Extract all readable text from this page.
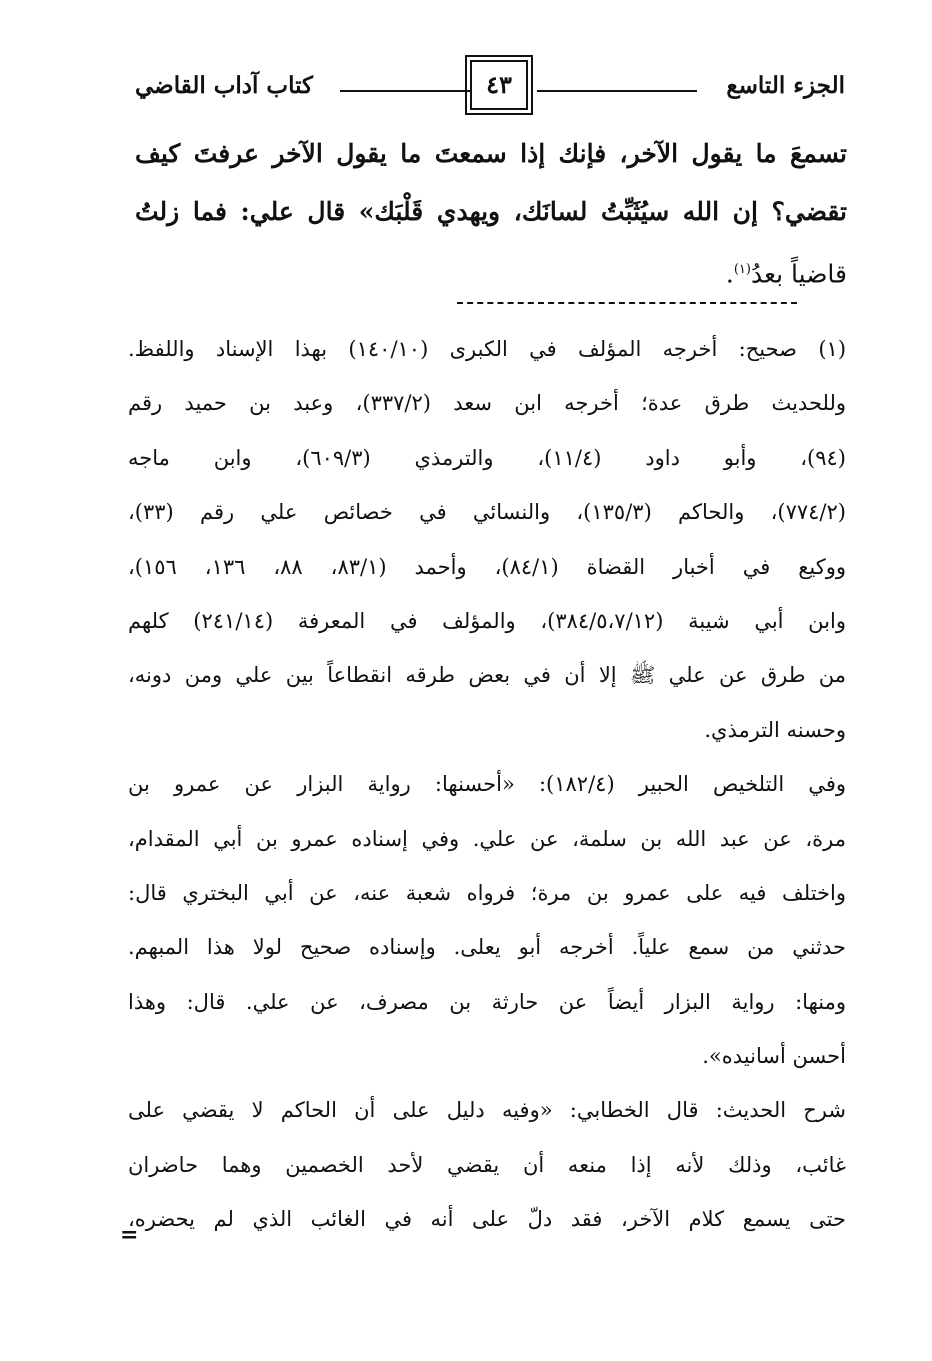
الجزء التاسع
٤٣
كتاب آداب القاضي
تسمعَ ما يقول الآخر، فإنك إذا سمعتَ ما يقول الآخر عرفتَ كيف
تقضي؟ إن الله سيُثَبِّتُ لسانَك، ويهدي قَلْبَك» قال علي: فما زلتُ
قاضياً بعدُ$^{(١)}$.
(١) صحيح: أخرجه المؤلف في الكبرى (١٤٠/١٠) بهذا الإسناد واللفظ.
وللحديث طرق عدة؛ أخرجه ابن سعد (٣٣٧/٢)، وعبد بن حميد رقم
(٩٤)، وأبو داود (١١/٤)، والترمذي (٦٠٩/٣)، وابن ماجه
(٧٧٤/٢)، والحاكم (١٣٥/٣)، والنسائي في خصائص علي رقم (٣٣)،
ووكيع في أخبار القضاة (٨٤/١)، وأحمد (٨٣/١، ٨٨، ١٣٦، ١٥٦)،
وابن أبي شيبة (٣٨٤/٥،٧/١٢)، والمؤلف في المعرفة (٢٤١/١٤) كلهم
من طرق عن علي ﷺ إلا أن في بعض طرقه انقطاعاً بين علي ومن دونه،
وحسنه الترمذي.
وفي التلخيص الحبير (١٨٢/٤): «أحسنها: رواية البزار عن عمرو بن
مرة، عن عبد الله بن سلمة، عن علي. وفي إسناده عمرو بن أبي المقدام،
واختلف فيه على عمرو بن مرة؛ فرواه شعبة عنه، عن أبي البختري قال:
حدثني من سمع علياً. أخرجه أبو يعلى. وإسناده صحيح لولا هذا المبهم.
ومنها: رواية البزار أيضاً عن حارثة بن مصرف، عن علي. قال: وهذا
أحسن أسانيده».
شرح الحديث: قال الخطابي: «وفيه دليل على أن الحاكم لا يقضي على
غائب، وذلك لأنه إذا منعه أن يقضي لأحد الخصمين وهما حاضران
حتى يسمع كلام الآخر، فقد دلّ على أنه في الغائب الذي لم يحضره،
=
